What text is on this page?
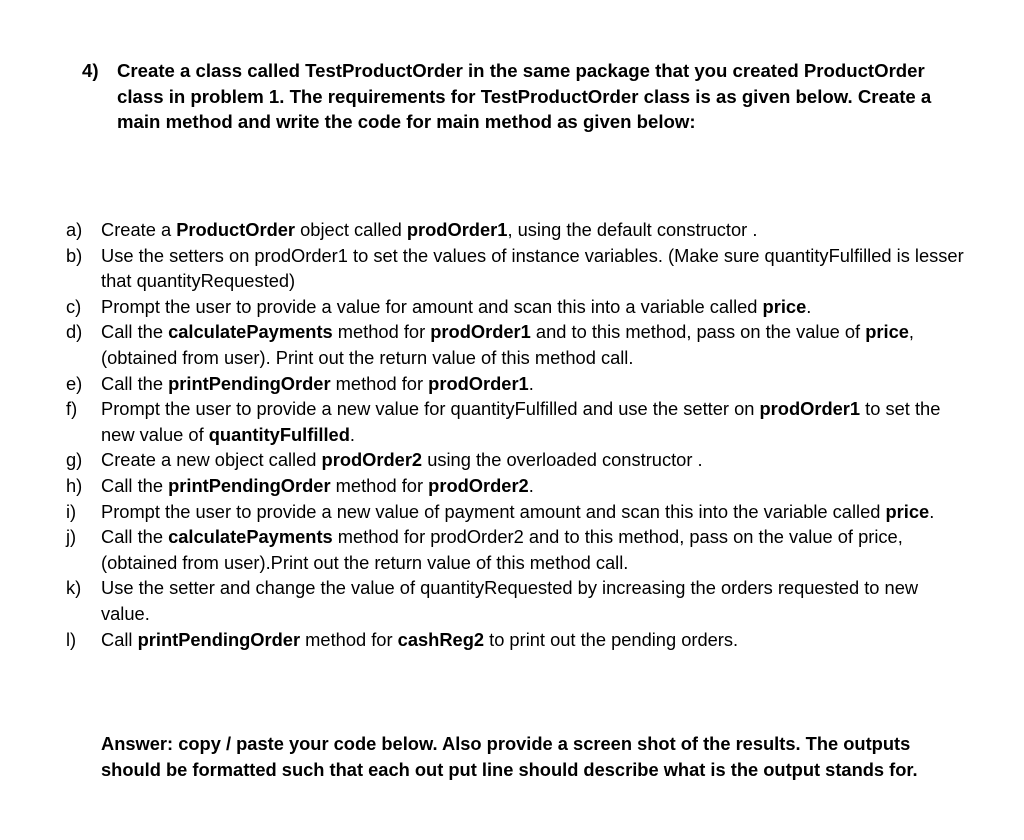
4) Create a class called TestProductOrder in the same package that you created ProductOrder class in problem 1. The requirements for TestProductOrder class is as given below. Create a main method and write the code for main method as given below:
a) Create a ProductOrder object called prodOrder1, using the default constructor .
b) Use the setters on prodOrder1 to set the values of instance variables. (Make sure quantityFulfilled is lesser that quantityRequested)
c) Prompt the user to provide a value for amount and scan this into a variable called price.
d) Call the calculatePayments method for prodOrder1 and to this method, pass on the value of price, (obtained from user). Print out the return value of this method call.
e) Call the printPendingOrder method for prodOrder1.
f) Prompt the user to provide a new value for quantityFulfilled and use the setter on prodOrder1 to set the new value of quantityFulfilled.
g) Create a new object called prodOrder2 using the overloaded constructor .
h) Call the printPendingOrder method for prodOrder2.
i) Prompt the user to provide a new value of payment amount and scan this into the variable called price.
j) Call the calculatePayments method for prodOrder2 and to this method, pass on the value of price, (obtained from user).Print out the return value of this method call.
k) Use the setter and change the value of quantityRequested by increasing the orders requested to new value.
l) Call printPendingOrder method for cashReg2 to print out the pending orders.
Answer: copy / paste your code below. Also provide a screen shot of the results. The outputs should be formatted such that each out put line should describe what is the output stands for.
